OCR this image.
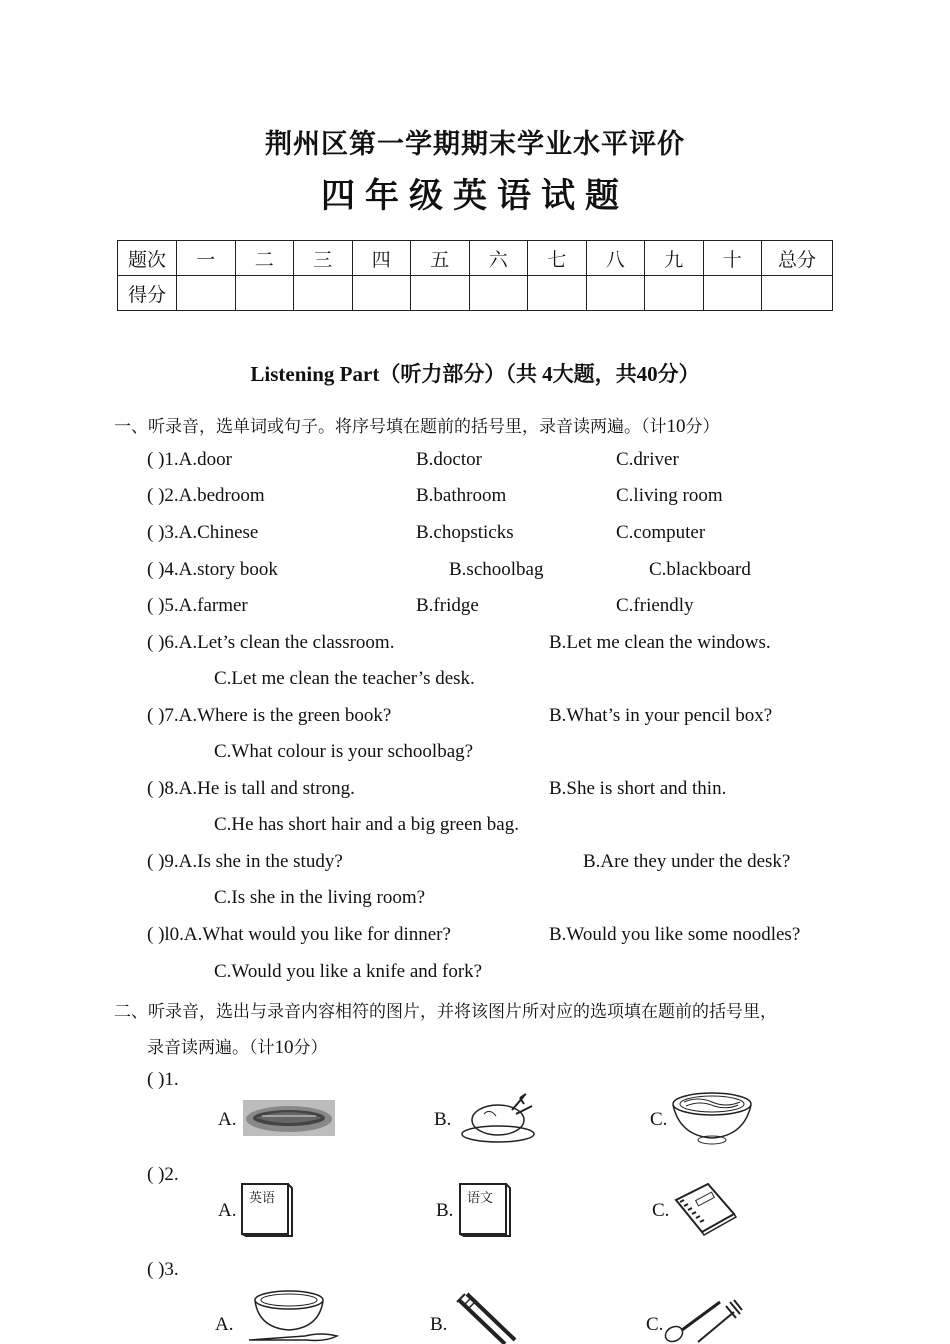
荆州区第一学期期末学业水平评价
四年级英语试题
题次	一	二	三	四	五	六	七	八	九	十	总分
得分											
Listening Part（听力部分）（共 4大题，共40分）
一、听录音，选单词或句子。将序号填在题前的括号里，录音读两遍。（计10分）
( )1.A.door	B.doctor	C.driver
( )2.A.bedroom	B.bathroom	C.living room
( )3.A.Chinese	B.chopsticks	C.computer
( )4.A.story book	B.schoolbag	C.blackboard
( )5.A.farmer	B.fridge	C.friendly
( )6.A.Let’s clean the classroom.	B.Let me clean the windows.
C.Let me clean the teacher’s desk.
( )7.A.Where is the green book?	B.What’s in your pencil box?
C.What colour is your schoolbag?
( )8.A.He is tall and strong.	B.She is short and thin.
C.He has short hair and a big green bag.
( )9.A.Is she in the study?	B.Are they under the desk?
C.Is she in the living room?
( )l0.A.What would you like for dinner?	B.Would you like some noodles?
C.Would you like a knife and fork?
二、听录音，选出与录音内容相符的图片，并将该图片所对应的选项填在题前的括号里，
录音读两遍。（计10分）
( )1.
A.	B.	C.
( )2.
A.
英语
B.
语文
C.
( )3.
A.	B.	C.
